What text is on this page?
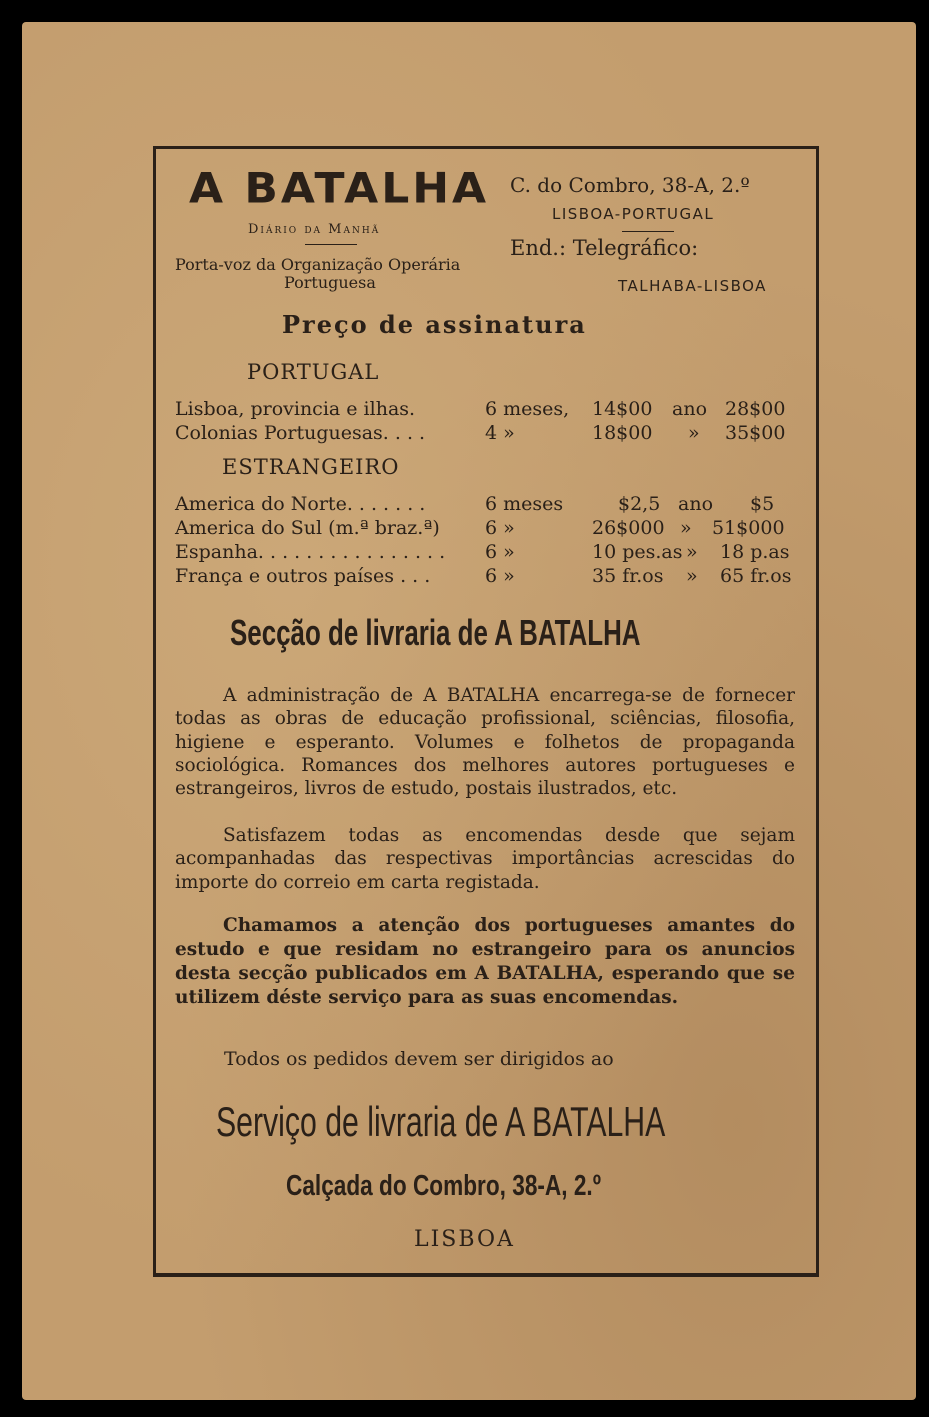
A BATALHA
Diário da Manhã
Porta-voz da Organização Operária
Portuguesa
C. do Combro, 38-A, 2.º
LISBOA-PORTUGAL
End.: Telegráfico:
TALHABA-LISBOA
Preço de assinatura
PORTUGAL
Lisboa, provincia e ilhas.	6 meses, 14$00 ano 28$00
Colonias Portuguesas. . . .	4 »	18$00 » 35$00
ESTRANGEIRO
America do Norte. . . . . . .	6 meses	$2,5 ano $5
America do Sul (m.ª braz.ª) 6 »	26$000 » 51$000
Espanha. . . . . . . . . . . . . . . . 6 »	10 pes.as » 18 p.as
França e outros países . . .	6 »	35 fr.os » 65 fr.os
Secção de livraria de A BATALHA
A administração de A BATALHA encarrega-se de fornecer todas as obras de educação profissional, sciências, filosofia, higiene e esperanto. Volumes e folhetos de propaganda sociológica. Romances dos melhores autores portugueses e estrangeiros, livros de estudo, postais ilustrados, etc.
Satisfazem todas as encomendas desde que sejam acompanhadas das respectivas importâncias acrescidas do importe do correio em carta registada.
Chamamos a atenção dos portugueses amantes do estudo e que residam no estrangeiro para os anuncios desta secção publicados em A BATALHA, esperando que se utilizem déste serviço para as suas encomendas.
Todos os pedidos devem ser dirigidos ao
Serviço de livraria de A BATALHA
Calçada do Combro, 38-A, 2.º
LISBOA
